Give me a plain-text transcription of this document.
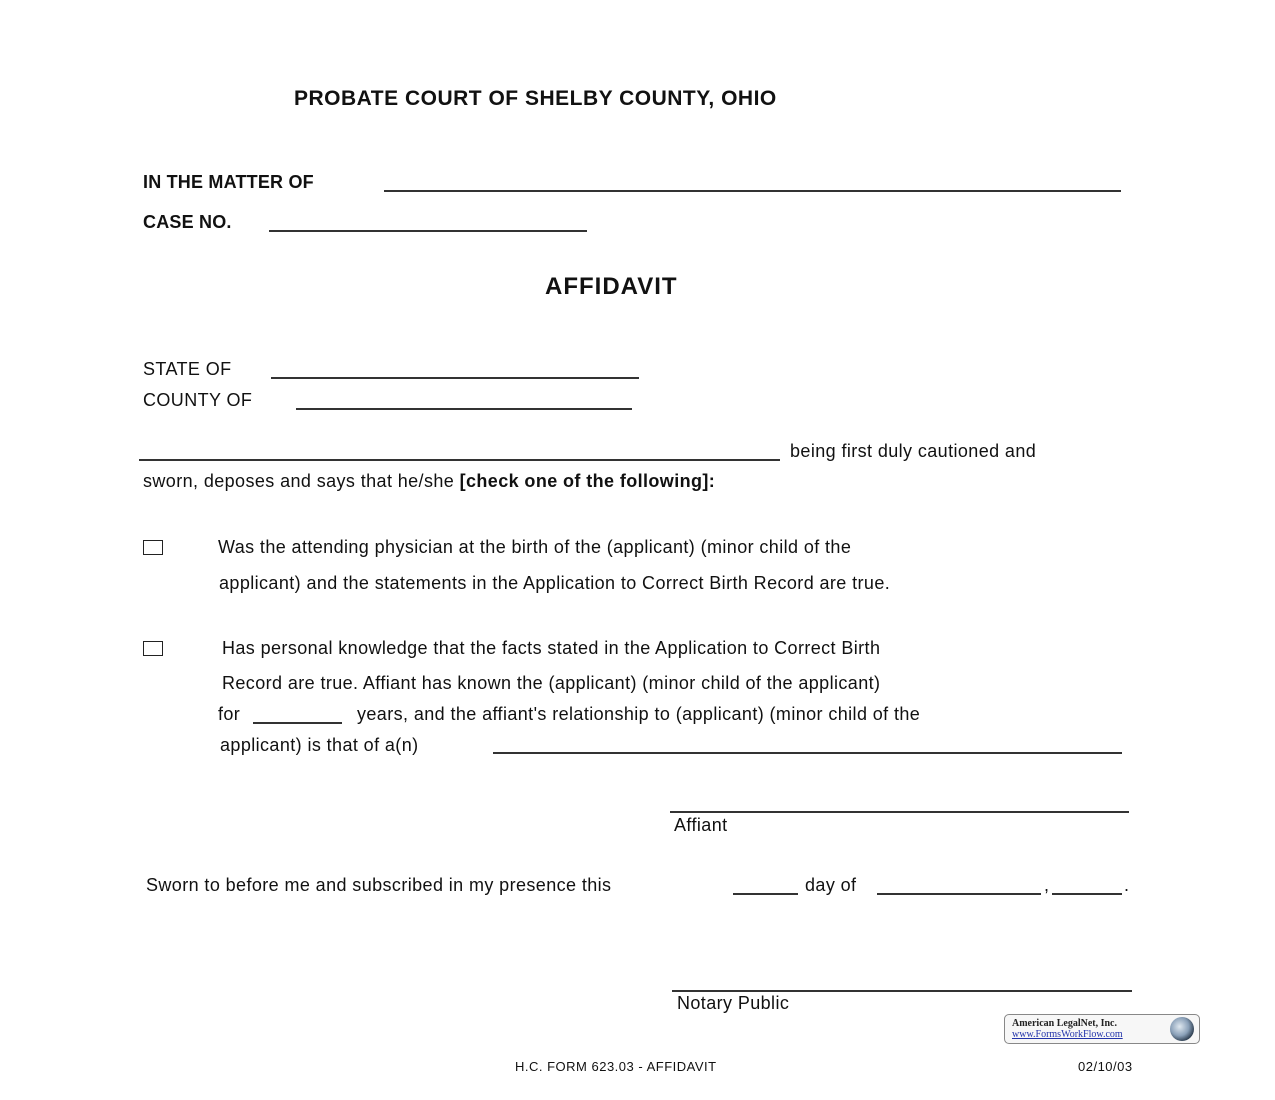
PROBATE COURT OF SHELBY COUNTY, OHIO
IN THE MATTER OF
CASE NO.
AFFIDAVIT
STATE OF
COUNTY OF
being first duly cautioned and
sworn, deposes and says that he/she [check one of the following]:
Was the attending physician at the birth of the (applicant) (minor child of the
applicant) and the statements in the Application to Correct Birth Record are true.
Has personal knowledge that the facts stated in the Application to Correct Birth
Record are true. Affiant has known the (applicant) (minor child of the applicant)
for	years, and the affiant's relationship to (applicant) (minor child of the
applicant) is that of a(n)
Affiant
Sworn to before me and subscribed in my presence this	day of	,	.
Notary Public
American LegalNet, Inc.
www.FormsWorkFlow.com
H.C. FORM 623.03 - AFFIDAVIT	02/10/03
